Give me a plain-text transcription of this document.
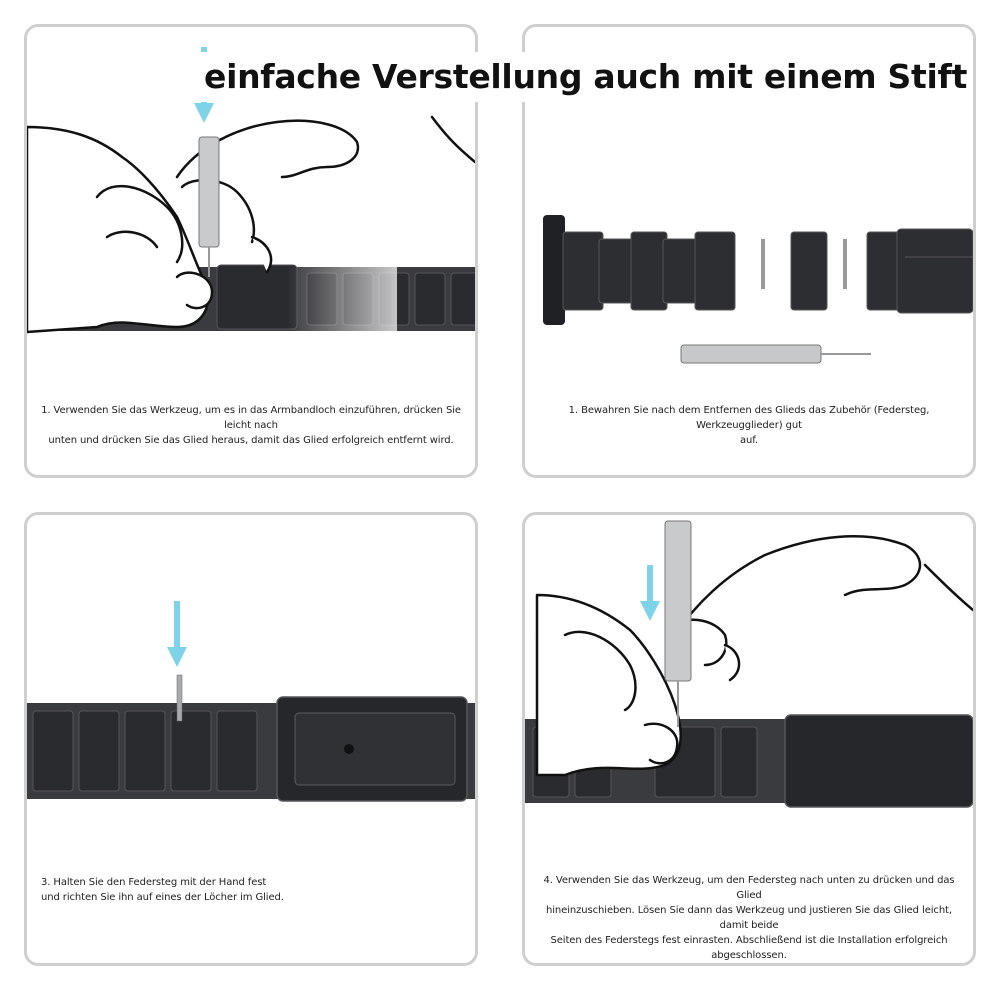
1. Verwenden Sie das Werkzeug, um es in das Armbandloch einzuführen, drücken Sie leicht nach
unten und drücken Sie das Glied heraus, damit das Glied erfolgreich entfernt wird.
1. Bewahren Sie nach dem Entfernen des Glieds das Zubehör (Federsteg, Werkzeugglieder) gut
auf.
3. Halten Sie den Federsteg mit der Hand fest
und richten Sie ihn auf eines der Löcher im Glied.
4. Verwenden Sie das Werkzeug, um den Federsteg nach unten zu drücken und das Glied
hineinzuschieben. Lösen Sie dann das Werkzeug und justieren Sie das Glied leicht, damit beide
Seiten des Federstegs fest einrasten. Abschließend ist die Installation erfolgreich
abgeschlossen.
einfache Verstellung auch mit einem Stift
